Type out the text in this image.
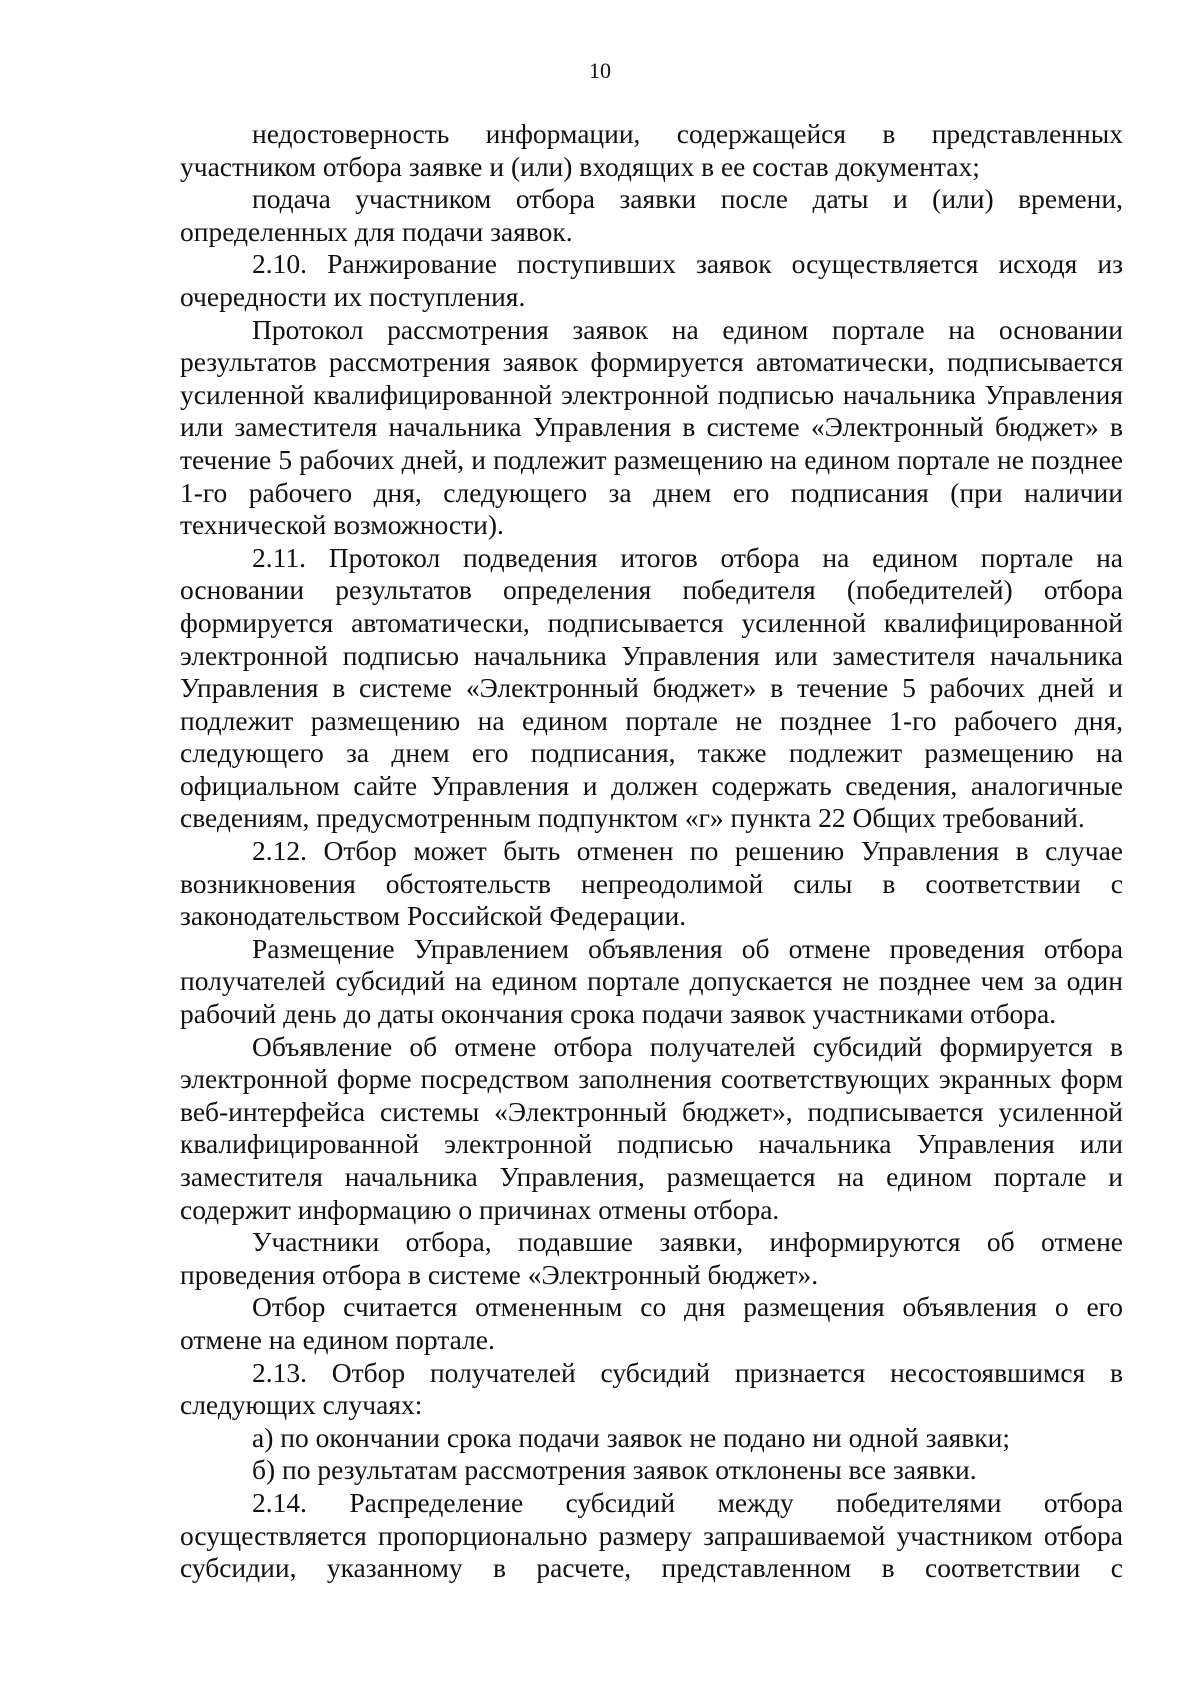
10

недостоверность информации, содержащейся в представленных участником отбора заявке и (или) входящих в ее состав документах;

подача участником отбора заявки после даты и (или) времени, определенных для подачи заявок.

2.10. Ранжирование поступивших заявок осуществляется исходя из очередности их поступления.

Протокол рассмотрения заявок на едином портале на основании результатов рассмотрения заявок формируется автоматически, подписывается усиленной квалифицированной электронной подписью начальника Управления или заместителя начальника Управления в системе «Электронный бюджет» в течение 5 рабочих дней, и подлежит размещению на едином портале не позднее 1-го рабочего дня, следующего за днем его подписания (при наличии технической возможности).

2.11. Протокол подведения итогов отбора на едином портале на основании результатов определения победителя (победителей) отбора формируется автоматически, подписывается усиленной квалифицированной электронной подписью начальника Управления или заместителя начальника Управления в системе «Электронный бюджет» в течение 5 рабочих дней и подлежит размещению на едином портале не позднее 1-го рабочего дня, следующего за днем его подписания, также подлежит размещению на официальном сайте Управления и должен содержать сведения, аналогичные сведениям, предусмотренным подпунктом «г» пункта 22 Общих требований.

2.12. Отбор может быть отменен по решению Управления в случае возникновения обстоятельств непреодолимой силы в соответствии с законодательством Российской Федерации.

Размещение Управлением объявления об отмене проведения отбора получателей субсидий на едином портале допускается не позднее чем за один рабочий день до даты окончания срока подачи заявок участниками отбора.

Объявление об отмене отбора получателей субсидий формируется в электронной форме посредством заполнения соответствующих экранных форм веб-интерфейса системы «Электронный бюджет», подписывается усиленной квалифицированной электронной подписью начальника Управления или заместителя начальника Управления, размещается на едином портале и содержит информацию о причинах отмены отбора.

Участники отбора, подавшие заявки, информируются об отмене проведения отбора в системе «Электронный бюджет».

Отбор считается отмененным со дня размещения объявления о его отмене на едином портале.

2.13. Отбор получателей субсидий признается несостоявшимся в следующих случаях:

а) по окончании срока подачи заявок не подано ни одной заявки;

б) по результатам рассмотрения заявок отклонены все заявки.

2.14. Распределение субсидий между победителями отбора осуществляется пропорционально размеру запрашиваемой участником отбора субсидии, указанному в расчете, представленном в соответствии с
